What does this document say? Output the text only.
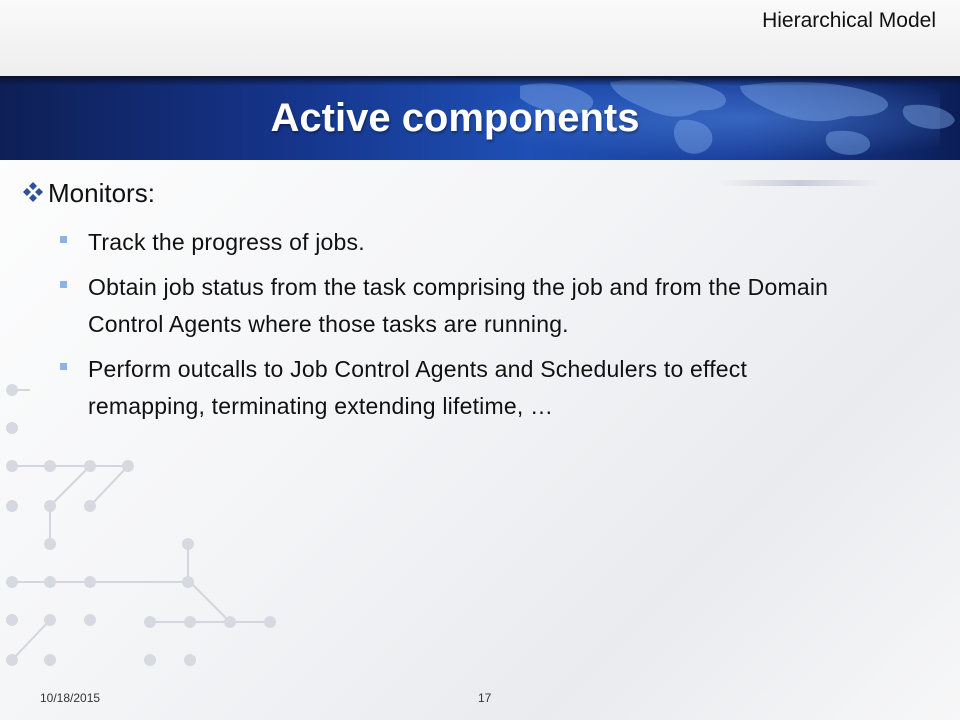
Hierarchical Model
Active components
Monitors:
Track the progress of jobs.
Obtain job status from the task comprising the job and from the Domain Control Agents where those tasks are running.
Perform outcalls to Job Control Agents and Schedulers to effect remapping, terminating extending lifetime, …
10/18/2015	17
